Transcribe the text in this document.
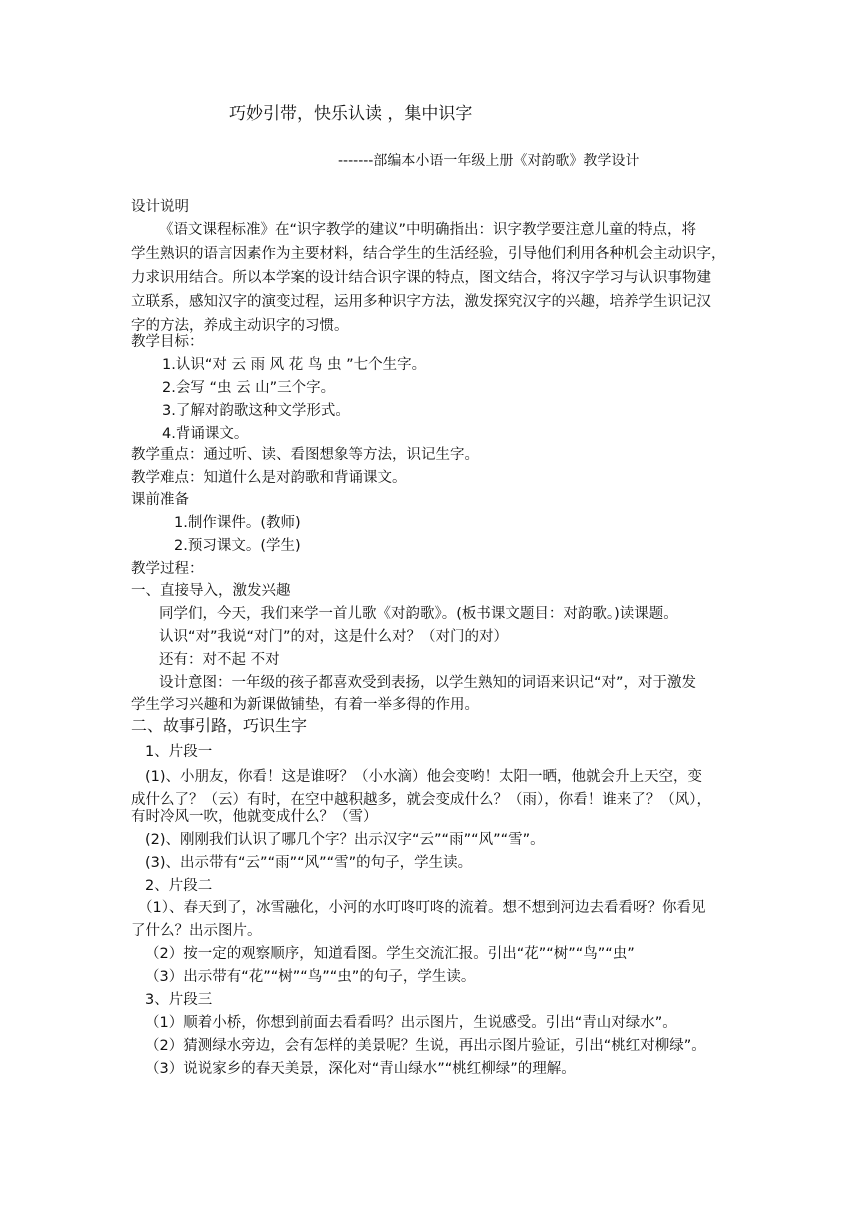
巧妙引带，快乐认读 ，集中识字

-------部编本小语一年级上册《对韵歌》教学设计

设计说明

《语文课程标准》在“识字教学的建议”中明确指出：识字教学要注意儿童的特点，将

学生熟识的语言因素作为主要材料，结合学生的生活经验，引导他们利用各种机会主动识字，

力求识用结合。所以本学案的设计结合识字课的特点，图文结合，将汉字学习与认识事物建

立联系，感知汉字的演变过程，运用多种识字方法，激发探究汉字的兴趣，培养学生识记汉

字的方法，养成主动识字的习惯。

教学目标：

1.认识“对 云 雨 风 花 鸟 虫 ”七个生字。

2.会写 “虫 云 山”三个字。

3.了解对韵歌这种文学形式。

4.背诵课文。

教学重点：通过听、读、看图想象等方法，识记生字。

教学难点：知道什么是对韵歌和背诵课文。

课前准备

1.制作课件。(教师)

2.预习课文。(学生)

教学过程：

一、直接导入，激发兴趣

同学们，今天，我们来学一首儿歌《对韵歌》。(板书课文题目：对韵歌。)读课题。

认识“对”我说“对门”的对，这是什么对？（对门的对）

还有：对不起 不对

设计意图：一年级的孩子都喜欢受到表扬，以学生熟知的词语来识记“对”，对于激发

学生学习兴趣和为新课做铺垫，有着一举多得的作用。

二、故事引路，巧识生字

1、片段一

(1)、小朋友，你看！这是谁呀？（小水滴）他会变哟！太阳一晒，他就会升上天空，变

成什么了？（云）有时，在空中越积越多，就会变成什么？（雨），你看！谁来了？（风），

有时冷风一吹，他就变成什么？（雪）

(2)、刚刚我们认识了哪几个字？出示汉字“云”“雨”“风”“雪”。

(3)、出示带有“云”“雨”“风”“雪”的句子，学生读。

2、片段二

（1）、春天到了，冰雪融化，小河的水叮咚叮咚的流着。想不想到河边去看看呀？你看见

了什么？出示图片。

（2）按一定的观察顺序，知道看图。学生交流汇报。引出“花”“树”“鸟”“虫”

（3）出示带有“花”“树”“鸟”“虫”的句子，学生读。

3、片段三

（1）顺着小桥，你想到前面去看看吗？出示图片，生说感受。引出“青山对绿水”。

（2）猜测绿水旁边，会有怎样的美景呢？生说，再出示图片验证，引出“桃红对柳绿”。

（3）说说家乡的春天美景，深化对“青山绿水”“桃红柳绿”的理解。
